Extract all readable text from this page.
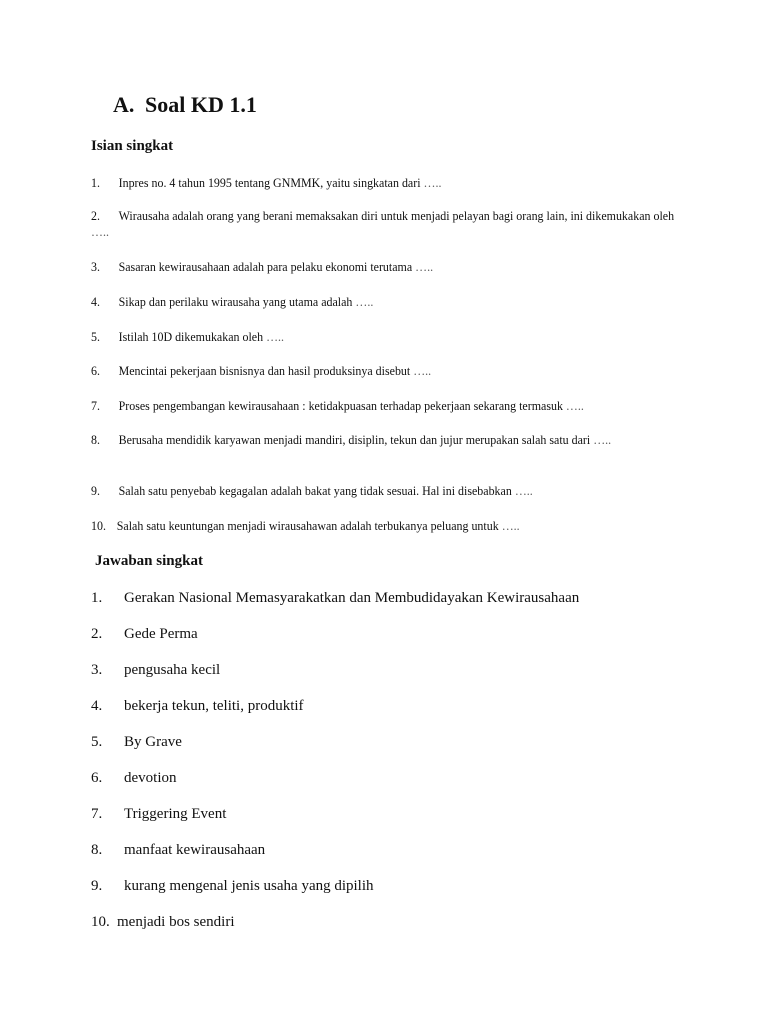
A. Soal KD 1.1
Isian singkat
1. Inpres no. 4 tahun 1995 tentang GNMMK, yaitu singkatan dari …..
2. Wirausaha adalah orang yang berani memaksakan diri untuk menjadi pelayan bagi orang lain, ini dikemukakan oleh …..
3. Sasaran kewirausahaan adalah para pelaku ekonomi terutama …..
4. Sikap dan perilaku wirausaha yang utama adalah …..
5. Istilah 10D dikemukakan oleh …..
6. Mencintai pekerjaan bisnisnya dan hasil produksinya disebut …..
7. Proses pengembangan kewirausahaan : ketidakpuasan terhadap pekerjaan sekarang termasuk …..
8. Berusaha mendidik karyawan menjadi mandiri, disiplin, tekun dan jujur merupakan salah satu dari …..
9. Salah satu penyebab kegagalan adalah bakat yang tidak sesuai. Hal ini disebabkan …..
10. Salah satu keuntungan menjadi wirausahawan adalah terbukanya peluang untuk …..
Jawaban singkat
1. Gerakan Nasional Memasyarakatkan dan Membudidayakan Kewirausahaan
2. Gede Perma
3. pengusaha kecil
4. bekerja tekun, teliti, produktif
5. By Grave
6. devotion
7. Triggering Event
8. manfaat kewirausahaan
9. kurang mengenal jenis usaha yang dipilih
10. menjadi bos sendiri
